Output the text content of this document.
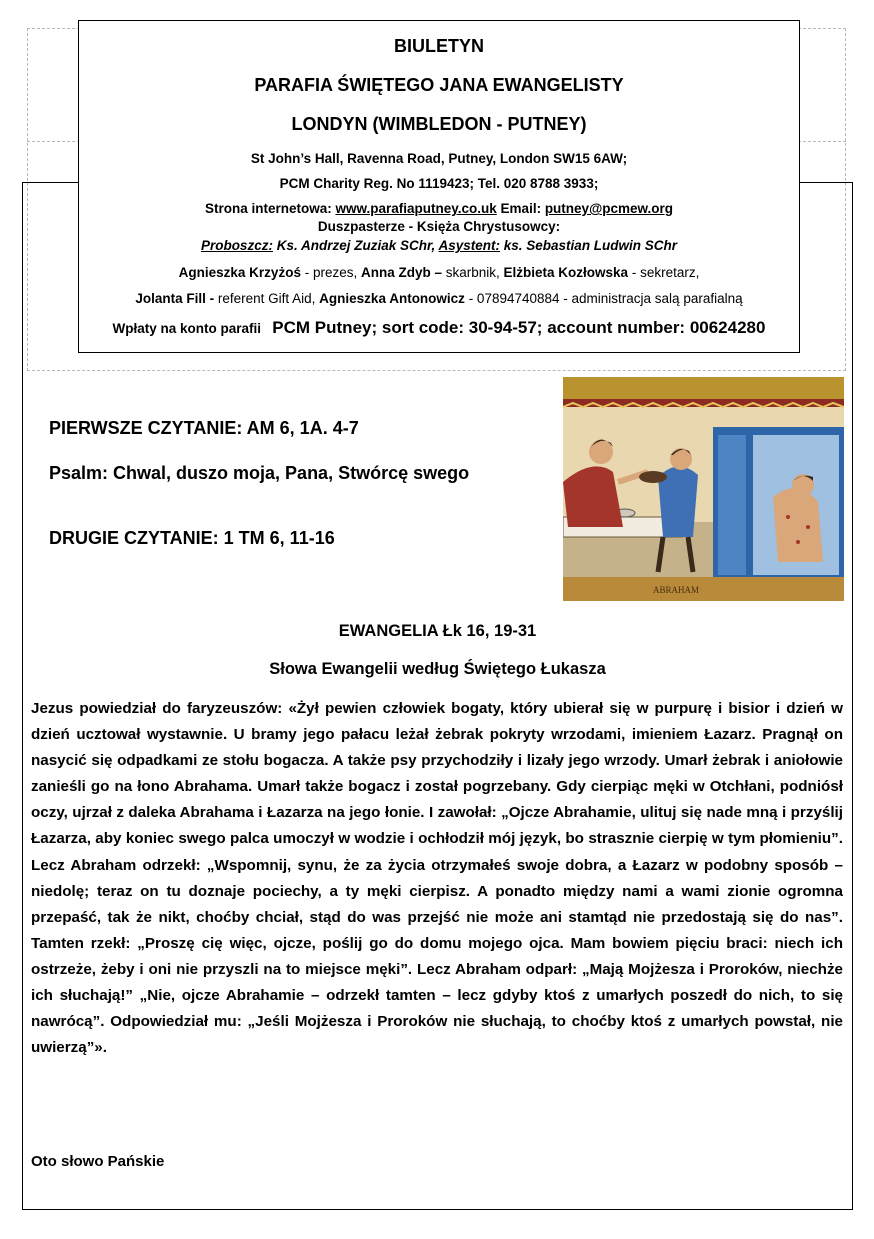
BIULETYN
PARAFIA ŚWIĘTEGO JANA EWANGELISTY
LONDYN (WIMBLEDON - PUTNEY)
St John’s Hall, Ravenna Road, Putney, London SW15 6AW;
PCM Charity Reg. No 1119423; Tel. 020 8788 3933;
Strona internetowa: www.parafiaputney.co.uk Email: putney@pcmew.org
Duszpasterze - Księża Chrystusowcy:
Proboszcz: Ks. Andrzej Zuziak SChr, Asystent: ks. Sebastian Ludwin SChr
Agnieszka Krzyżoś - prezes, Anna Zdyb – skarbnik, Elżbieta Kozłowska - sekretarz,
Jolanta Fill - referent Gift Aid, Agnieszka Antonowicz - 07894740884 - administracja salą parafialną
Wpłaty na konto parafii PCM Putney; sort code: 30-94-57; account number: 00624280
PIERWSZE CZYTANIE: AM 6, 1A. 4-7
Psalm: Chwal, duszo moja, Pana, Stwórcę swego
DRUGIE CZYTANIE: 1 TM 6, 11-16
ABRAHAM
EWANGELIA Łk 16, 19-31
Słowa Ewangelii według Świętego Łukasza
Jezus powiedział do faryzeuszów: «Żył pewien człowiek bogaty, który ubierał się w purpurę i bisior i dzień w dzień ucztował wystawnie. U bramy jego pałacu leżał żebrak pokryty wrzodami, imieniem Łazarz. Pragnął on nasycić się odpadkami ze stołu bogacza. A także psy przychodziły i lizały jego wrzody. Umarł żebrak i aniołowie zanieśli go na łono Abrahama. Umarł także bogacz i został pogrzebany. Gdy cierpiąc męki w Otchłani, podniósł oczy, ujrzał z daleka Abrahama i Łazarza na jego łonie. I zawołał: „Ojcze Abrahamie, ulituj się nade mną i przyślij Łazarza, aby koniec swego palca umoczył w wodzie i ochłodził mój język, bo strasznie cierpię w tym płomieniu”. Lecz Abraham odrzekł: „Wspomnij, synu, że za życia otrzymałeś swoje dobra, a Łazarz w podobny sposób – niedolę; teraz on tu doznaje pociechy, a ty męki cierpisz. A ponadto między nami a wami zionie ogromna przepaść, tak że nikt, choćby chciał, stąd do was przejść nie może ani stamtąd nie przedostają się do nas”. Tamten rzekł: „Proszę cię więc, ojcze, poślij go do domu mojego ojca. Mam bowiem pięciu braci: niech ich ostrzeże, żeby i oni nie przyszli na to miejsce męki”. Lecz Abraham odparł: „Mają Mojżesza i Proroków, niechże ich słuchają!” „Nie, ojcze Abrahamie – odrzekł tamten – lecz gdyby ktoś z umarłych poszedł do nich, to się nawrócą”. Odpowiedział mu: „Jeśli Mojżesza i Proroków nie słuchają, to choćby ktoś z umarłych powstał, nie uwierzą”».
Oto słowo Pańskie
